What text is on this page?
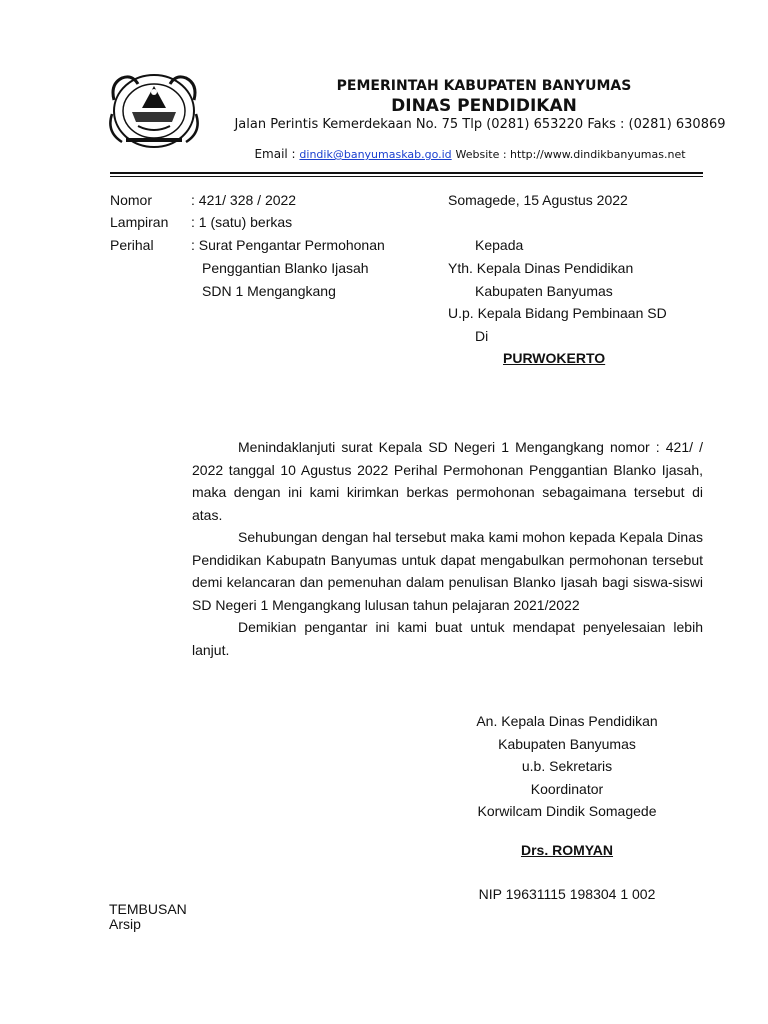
PEMERINTAH KABUPATEN BANYUMAS
DINAS PENDIDIKAN
Jalan Perintis Kemerdekaan No. 75 Tlp (0281) 653220 Faks : (0281) 630869
Email : dindik@banyumaskab.go.id Website : http://www.dindikbanyumas.net
Nomor	: 421/ 328 / 2022
Lampiran : 1 (satu) berkas
Perihal	: Surat Pengantar Permohonan
Penggantian Blanko Ijasah
SDN 1 Mengangkang
Somagede, 15 Agustus 2022
Kepada
Yth. Kepala Dinas Pendidikan
Kabupaten Banyumas
U.p. Kepala Bidang Pembinaan SD
Di
PURWOKERTO

Menindaklanjuti surat Kepala SD Negeri 1 Mengangkang nomor : 421/ / 2022 tanggal 10 Agustus 2022 Perihal Permohonan Penggantian Blanko Ijasah, maka dengan ini kami kirimkan berkas permohonan sebagaimana tersebut di atas.

Sehubungan dengan hal tersebut maka kami mohon kepada Kepala Dinas Pendidikan Kabupatn Banyumas untuk dapat mengabulkan permohonan tersebut demi kelancaran dan pemenuhan dalam penulisan Blanko Ijasah bagi siswa-siswi SD Negeri 1 Mengangkang lulusan tahun pelajaran 2021/2022

Demikian pengantar ini kami buat untuk mendapat penyelesaian lebih lanjut.

An. Kepala Dinas Pendidikan
Kabupaten Banyumas
u.b. Sekretaris
Koordinator
Korwilcam Dindik Somagede
Drs. ROMYAN
NIP 19631115 198304 1 002
TEMBUSAN
Arsip
